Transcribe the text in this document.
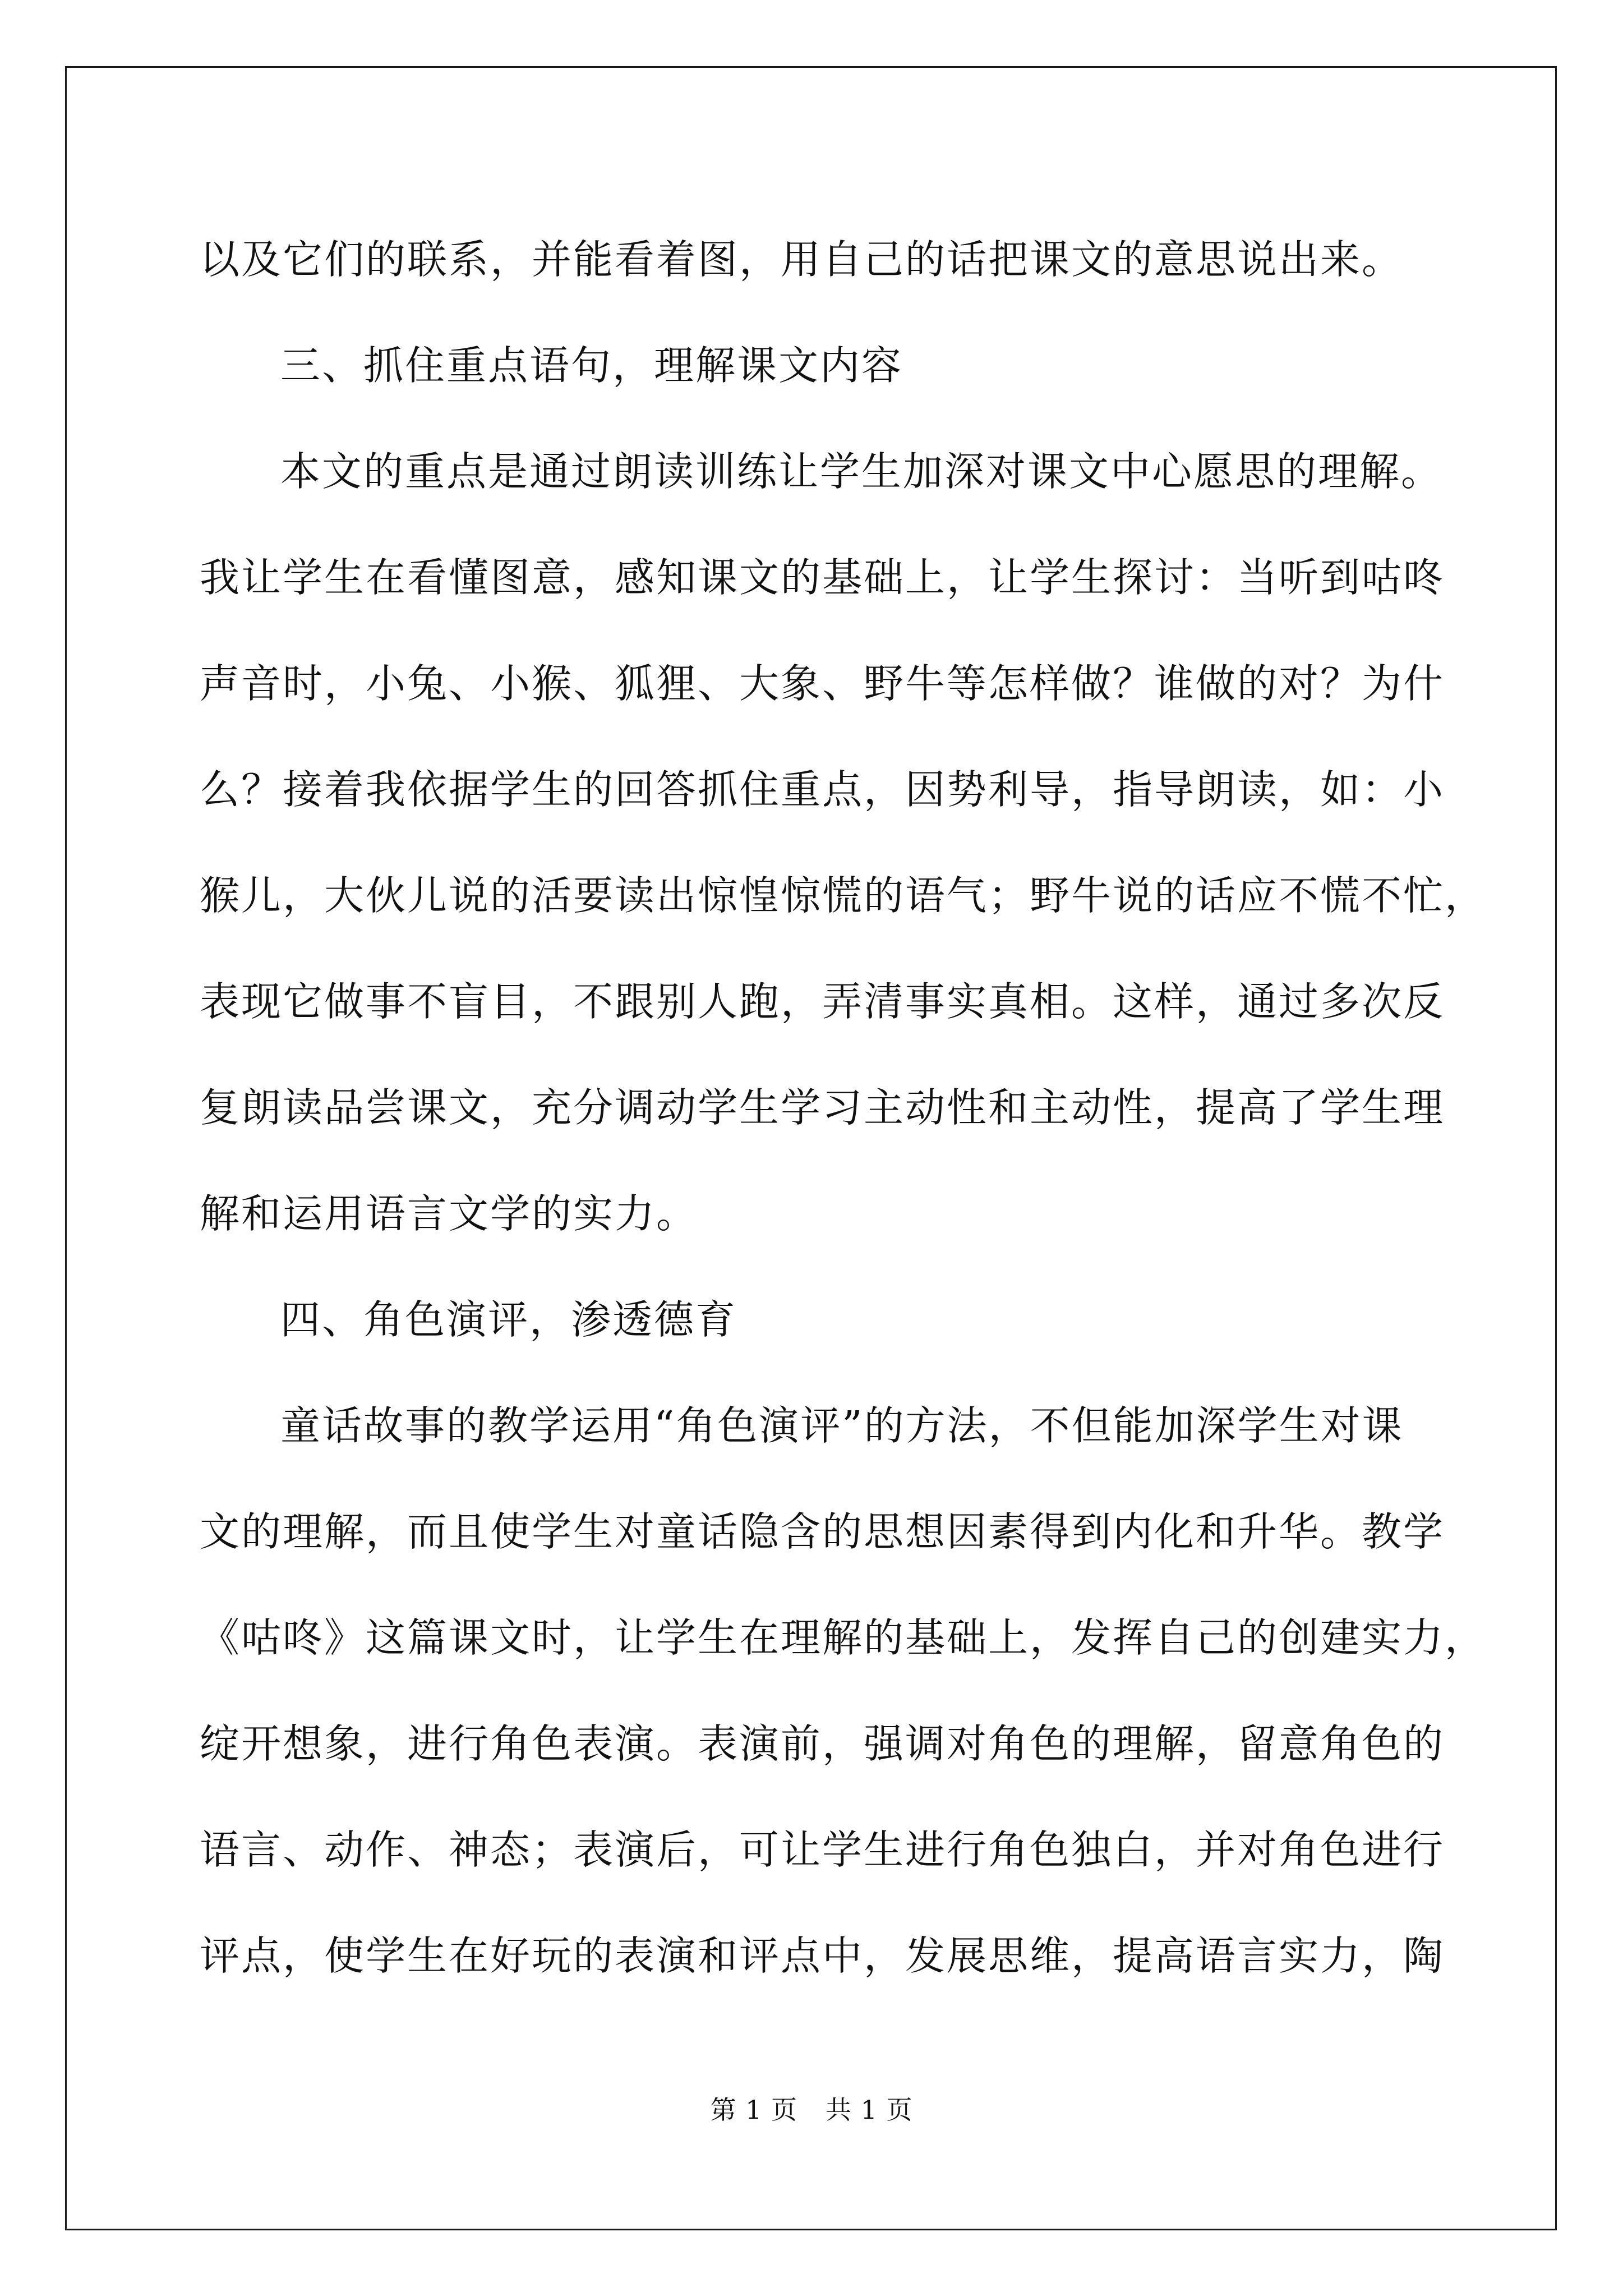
以及它们的联系，并能看着图，用自己的话把课文的意思说出来。
三、抓住重点语句，理解课文内容
本文的重点是通过朗读训练让学生加深对课文中心愿思的理解。
我让学生在看懂图意，感知课文的基础上，让学生探讨：当听到咕咚
声音时，小兔、小猴、狐狸、大象、野牛等怎样做？谁做的对？为什
么？接着我依据学生的回答抓住重点，因势利导，指导朗读，如：小
猴儿，大伙儿说的活要读出惊惶惊慌的语气；野牛说的话应不慌不忙，
表现它做事不盲目，不跟别人跑，弄清事实真相。这样，通过多次反
复朗读品尝课文，充分调动学生学习主动性和主动性，提高了学生理
解和运用语言文学的实力。
四、角色演评，渗透德育
童话故事的教学运用“角色演评”的方法，不但能加深学生对课
文的理解，而且使学生对童话隐含的思想因素得到内化和升华。教学
《咕咚》这篇课文时，让学生在理解的基础上，发挥自己的创建实力，
绽开想象，进行角色表演。表演前，强调对角色的理解，留意角色的
语言、动作、神态；表演后，可让学生进行角色独白，并对角色进行
评点，使学生在好玩的表演和评点中，发展思维，提高语言实力，陶
第 1 页 共 1 页
